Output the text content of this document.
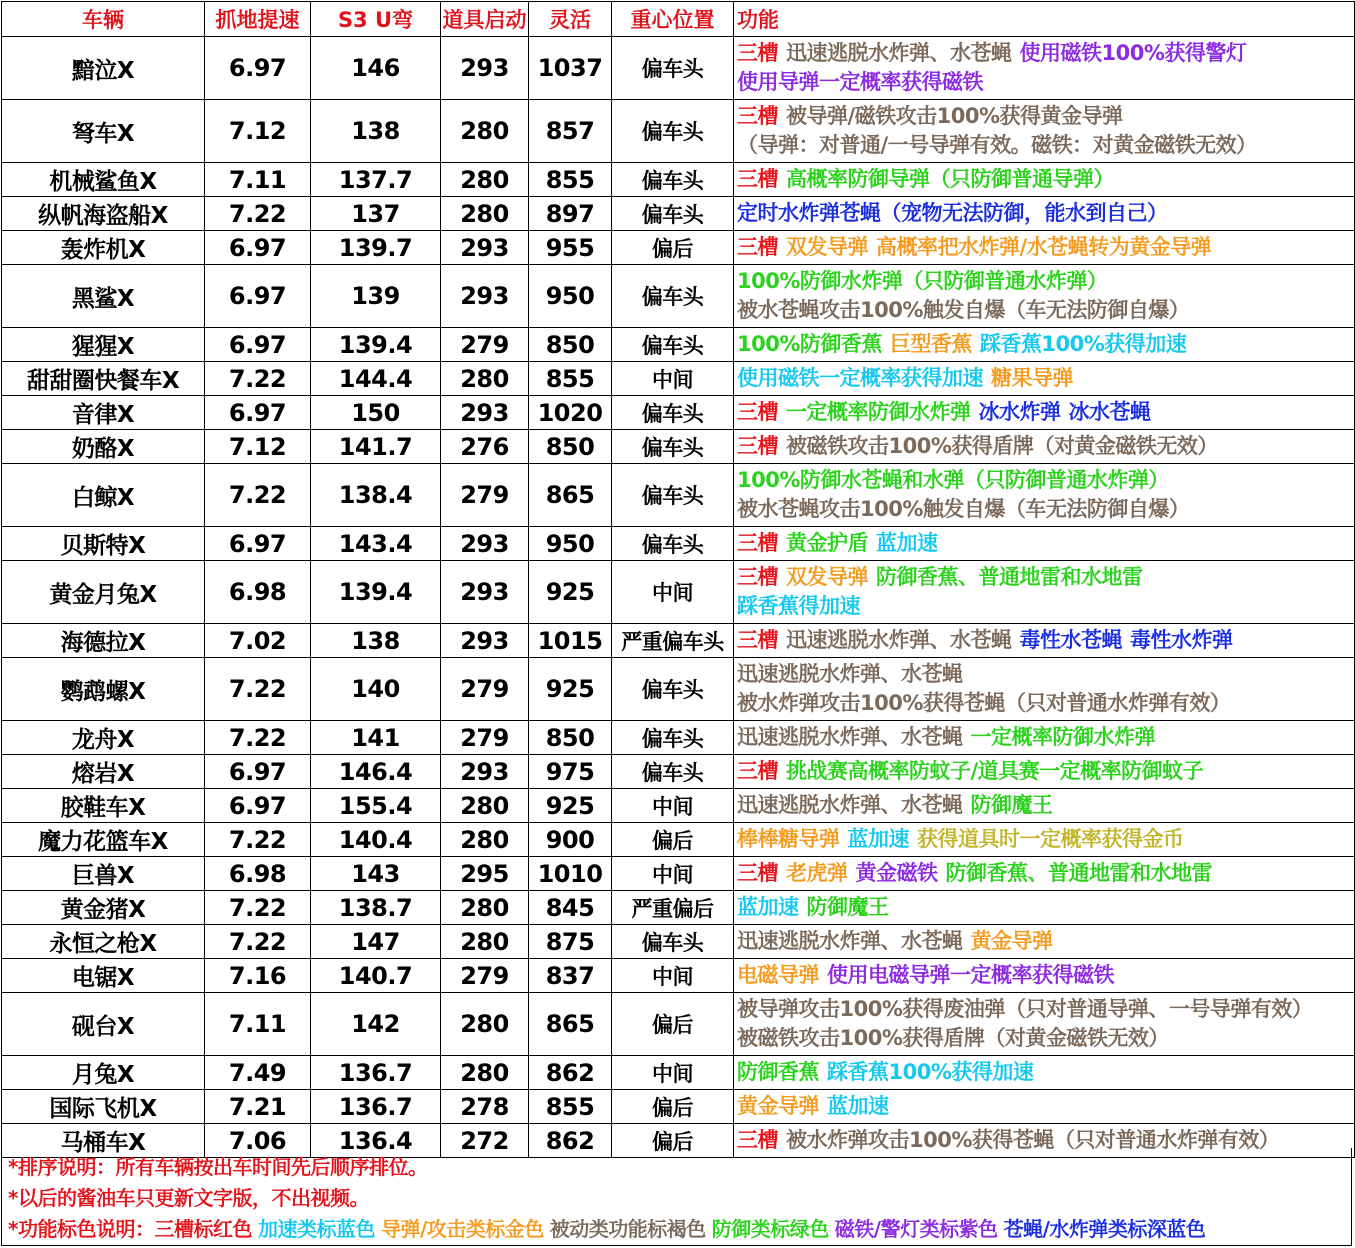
车辆	抓地提速	S3 U弯	道具启动	灵活	重心位置	功能
黯泣X	6.97	146	293	1037	偏车头	三槽 迅速逃脱水炸弹、水苍蝇 使用磁铁100%获得警灯
使用导弹一定概率获得磁铁

弩车X	7.12	138	280	857	偏车头	三槽 被导弹/磁铁攻击100%获得黄金导弹
（导弹：对普通/一号导弹有效。磁铁：对黄金磁铁无效）

机械鲨鱼X	7.11	137.7	280	855	偏车头	三槽 高概率防御导弹（只防御普通导弹）

纵帆海盗船X	7.22	137	280	897	偏车头	定时水炸弹苍蝇（宠物无法防御，能水到自己）

轰炸机X	6.97	139.7	293	955	偏后	三槽 双发导弹 高概率把水炸弹/水苍蝇转为黄金导弹

黑鲨X	6.97	139	293	950	偏车头	100%防御水炸弹（只防御普通水炸弹）
被水苍蝇攻击100%触发自爆（车无法防御自爆）

猩猩X	6.97	139.4	279	850	偏车头	100%防御香蕉 巨型香蕉 踩香蕉100%获得加速

甜甜圈快餐车X	7.22	144.4	280	855	中间	使用磁铁一定概率获得加速 糖果导弹

音律X	6.97	150	293	1020	偏车头	三槽 一定概率防御水炸弹 冰水炸弹 冰水苍蝇

奶酪X	7.12	141.7	276	850	偏车头	三槽 被磁铁攻击100%获得盾牌（对黄金磁铁无效）

白鲸X	7.22	138.4	279	865	偏车头	100%防御水苍蝇和水弹（只防御普通水炸弹）
被水苍蝇攻击100%触发自爆（车无法防御自爆）

贝斯特X	6.97	143.4	293	950	偏车头	三槽 黄金护盾 蓝加速

黄金月兔X	6.98	139.4	293	925	中间	三槽 双发导弹 防御香蕉、普通地雷和水地雷
踩香蕉得加速

海德拉X	7.02	138	293	1015	严重偏车头	三槽 迅速逃脱水炸弹、水苍蝇 毒性水苍蝇 毒性水炸弹

鹦鹉螺X	7.22	140	279	925	偏车头	迅速逃脱水炸弹、水苍蝇
被水炸弹攻击100%获得苍蝇（只对普通水炸弹有效）

龙舟X	7.22	141	279	850	偏车头	迅速逃脱水炸弹、水苍蝇 一定概率防御水炸弹

熔岩X	6.97	146.4	293	975	偏车头	三槽 挑战赛高概率防蚊子/道具赛一定概率防御蚊子

胶鞋车X	6.97	155.4	280	925	中间	迅速逃脱水炸弹、水苍蝇 防御魔王

魔力花篮车X	7.22	140.4	280	900	偏后	棒棒糖导弹 蓝加速 获得道具时一定概率获得金币

巨兽X	6.98	143	295	1010	中间	三槽 老虎弹 黄金磁铁 防御香蕉、普通地雷和水地雷

黄金猪X	7.22	138.7	280	845	严重偏后	蓝加速 防御魔王

永恒之枪X	7.22	147	280	875	偏车头	迅速逃脱水炸弹、水苍蝇 黄金导弹

电锯X	7.16	140.7	279	837	中间	电磁导弹 使用电磁导弹一定概率获得磁铁

砚台X	7.11	142	280	865	偏后	被导弹攻击100%获得废油弹（只对普通导弹、一号导弹有效）
被磁铁攻击100%获得盾牌（对黄金磁铁无效）

月兔X	7.49	136.7	280	862	中间	防御香蕉 踩香蕉100%获得加速

国际飞机X	7.21	136.7	278	855	偏后	黄金导弹 蓝加速

马桶车X	7.06	136.4	272	862	偏后	三槽 被水炸弹攻击100%获得苍蝇（只对普通水炸弹有效）
*排序说明：所有车辆按出车时间先后顺序排位。
*以后的酱油车只更新文字版，不出视频。
*功能标色说明：三槽标红色 加速类标蓝色 导弹/攻击类标金色 被动类功能标褐色 防御类标绿色 磁铁/警灯类标紫色 苍蝇/水炸弹类标深蓝色
